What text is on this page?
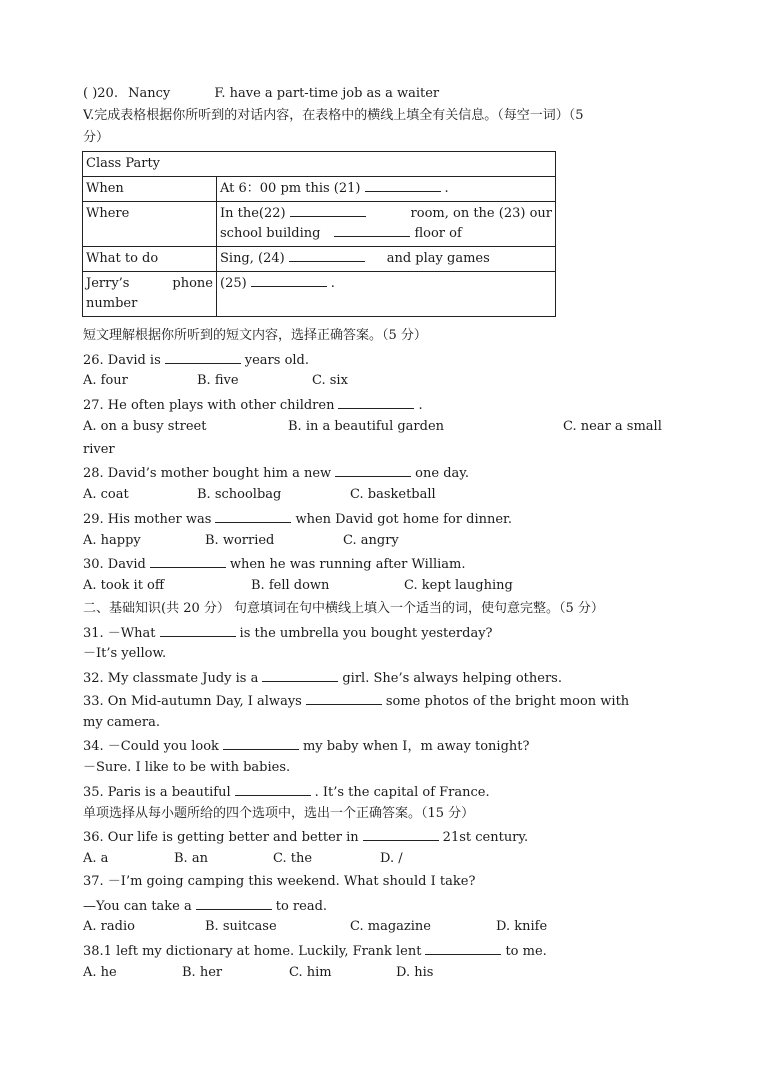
( )20. Nancy	F. have a part-time job as a waiter
V.完成表格根据你所听到的对话内容，在表格中的横线上填全有关信息。（每空一词）（5
分）
Class Party	
When	At 6：00 pm this (21) .
Where	In the(22) room, on the (23) our
school building floor of

What to do	Sing, (24) and play games

Jerry’s phone
number	(25) .
短文理解根据你所听到的短文内容，选择正确答案。（5 分）
26. David is	years old.
A. four	B. five	C. six
27. He often plays with other children	.
A. on a busy street	B. in a beautiful garden	C. near a small
river
28. David’s mother bought him a new	one day.
A. coat	B. schoolbag	C. basketball
29. His mother was	when David got home for dinner.
A. happy	B. worried	C. angry
30. David	when he was running after William.
A. took it off	B. fell down	C. kept laughing
二、基础知识(共 20 分） 句意填词在句中横线上填入一个适当的词，使句意完整。（5 分）
31. －What	is the umbrella you bought yesterday?
－It’s yellow.
32. My classmate Judy is a	girl. She’s always helping others.
33. On Mid-autumn Day, I always	some photos of the bright moon with
my camera.
34. －Could you look	my baby when I，m away tonight?
－Sure. I like to be with babies.
35. Paris is a beautiful	. It’s the capital of France.
单项选择从每小题所给的四个选项中，选出一个正确答案。（15 分）
36. Our life is getting better and better in	21st century.
A. a	B. an	C. the	D. /
37. －I’m going camping this weekend. What should I take?
—You can take a	to read.
A. radio	B. suitcase	C. magazine	D. knife
38.1 left my dictionary at home. Luckily, Frank lent	to me.
A. he	B. her	C. him	D. his
